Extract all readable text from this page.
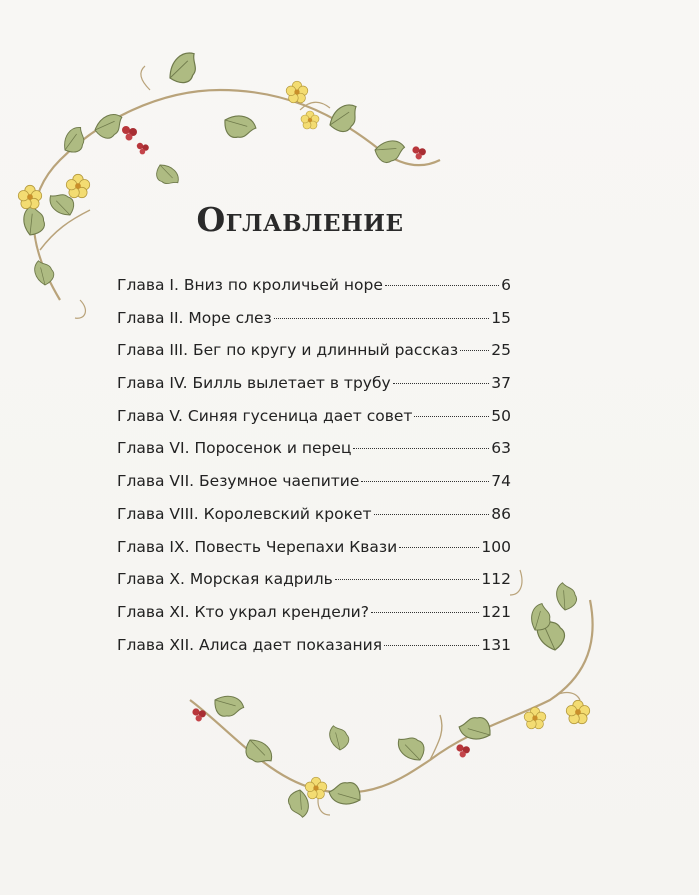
Оглавление
Глава I. Вниз по кроличьей норе	6
Глава II. Море слез	15
Глава III. Бег по кругу и длинный рассказ 25
Глава IV. Билль вылетает в трубу	37
Глава V. Синяя гусеница дает совет	50
Глава VI. Поросенок и перец	63
Глава VII. Безумное чаепитие	74
Глава VIII. Королевский крокет	86
Глава IX. Повесть Черепахи Квази	100
Глава X. Морская кадриль	112
Глава XI. Кто украл крендели?	121
Глава XII. Алиса дает показания	131
